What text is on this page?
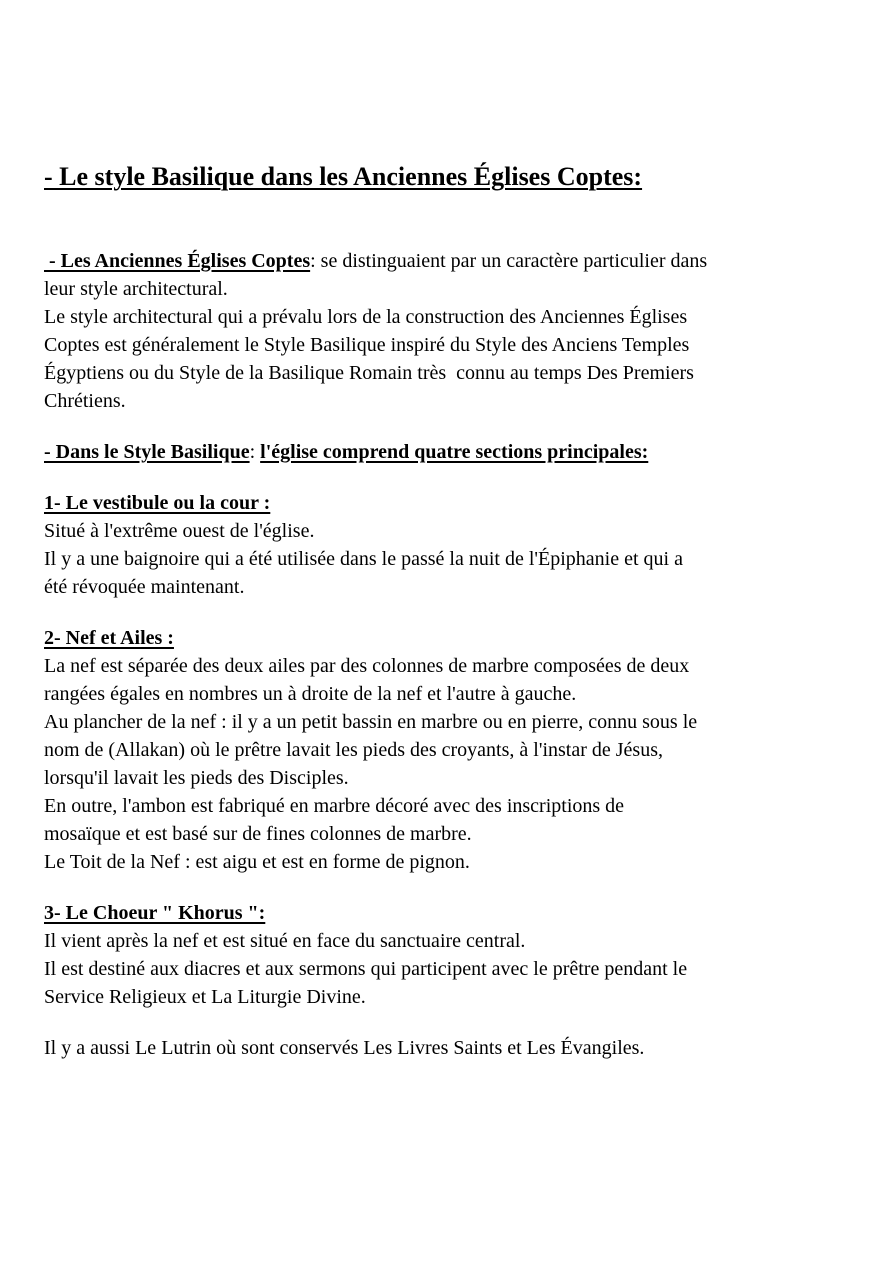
- Le style Basilique dans les Anciennes Églises Coptes:
- Les Anciennes Églises Coptes: se distinguaient par un caractère particulier dans
leur style architectural.
Le style architectural qui a prévalu lors de la construction des Anciennes Églises
Coptes est généralement le Style Basilique inspiré du Style des Anciens Temples
Égyptiens ou du Style de la Basilique Romain très  connu au temps Des Premiers
Chrétiens.
- Dans le Style Basilique: l'église comprend quatre sections principales:
1- Le vestibule ou la cour :
Situé à l'extrême ouest de l'église.
Il y a une baignoire qui a été utilisée dans le passé la nuit de l'Épiphanie et qui a
été révoquée maintenant.
2- Nef et Ailes :
La nef est séparée des deux ailes par des colonnes de marbre composées de deux
rangées égales en nombres un à droite de la nef et l'autre à gauche.
Au plancher de la nef : il y a un petit bassin en marbre ou en pierre, connu sous le
nom de (Allakan) où le prêtre lavait les pieds des croyants, à l'instar de Jésus,
lorsqu'il lavait les pieds des Disciples.
En outre, l'ambon est fabriqué en marbre décoré avec des inscriptions de
mosaïque et est basé sur de fines colonnes de marbre.
Le Toit de la Nef : est aigu et est en forme de pignon.
3- Le Choeur " Khorus ":
Il vient après la nef et est situé en face du sanctuaire central.
Il est destiné aux diacres et aux sermons qui participent avec le prêtre pendant le
Service Religieux et La Liturgie Divine.
Il y a aussi Le Lutrin où sont conservés Les Livres Saints et Les Évangiles.
